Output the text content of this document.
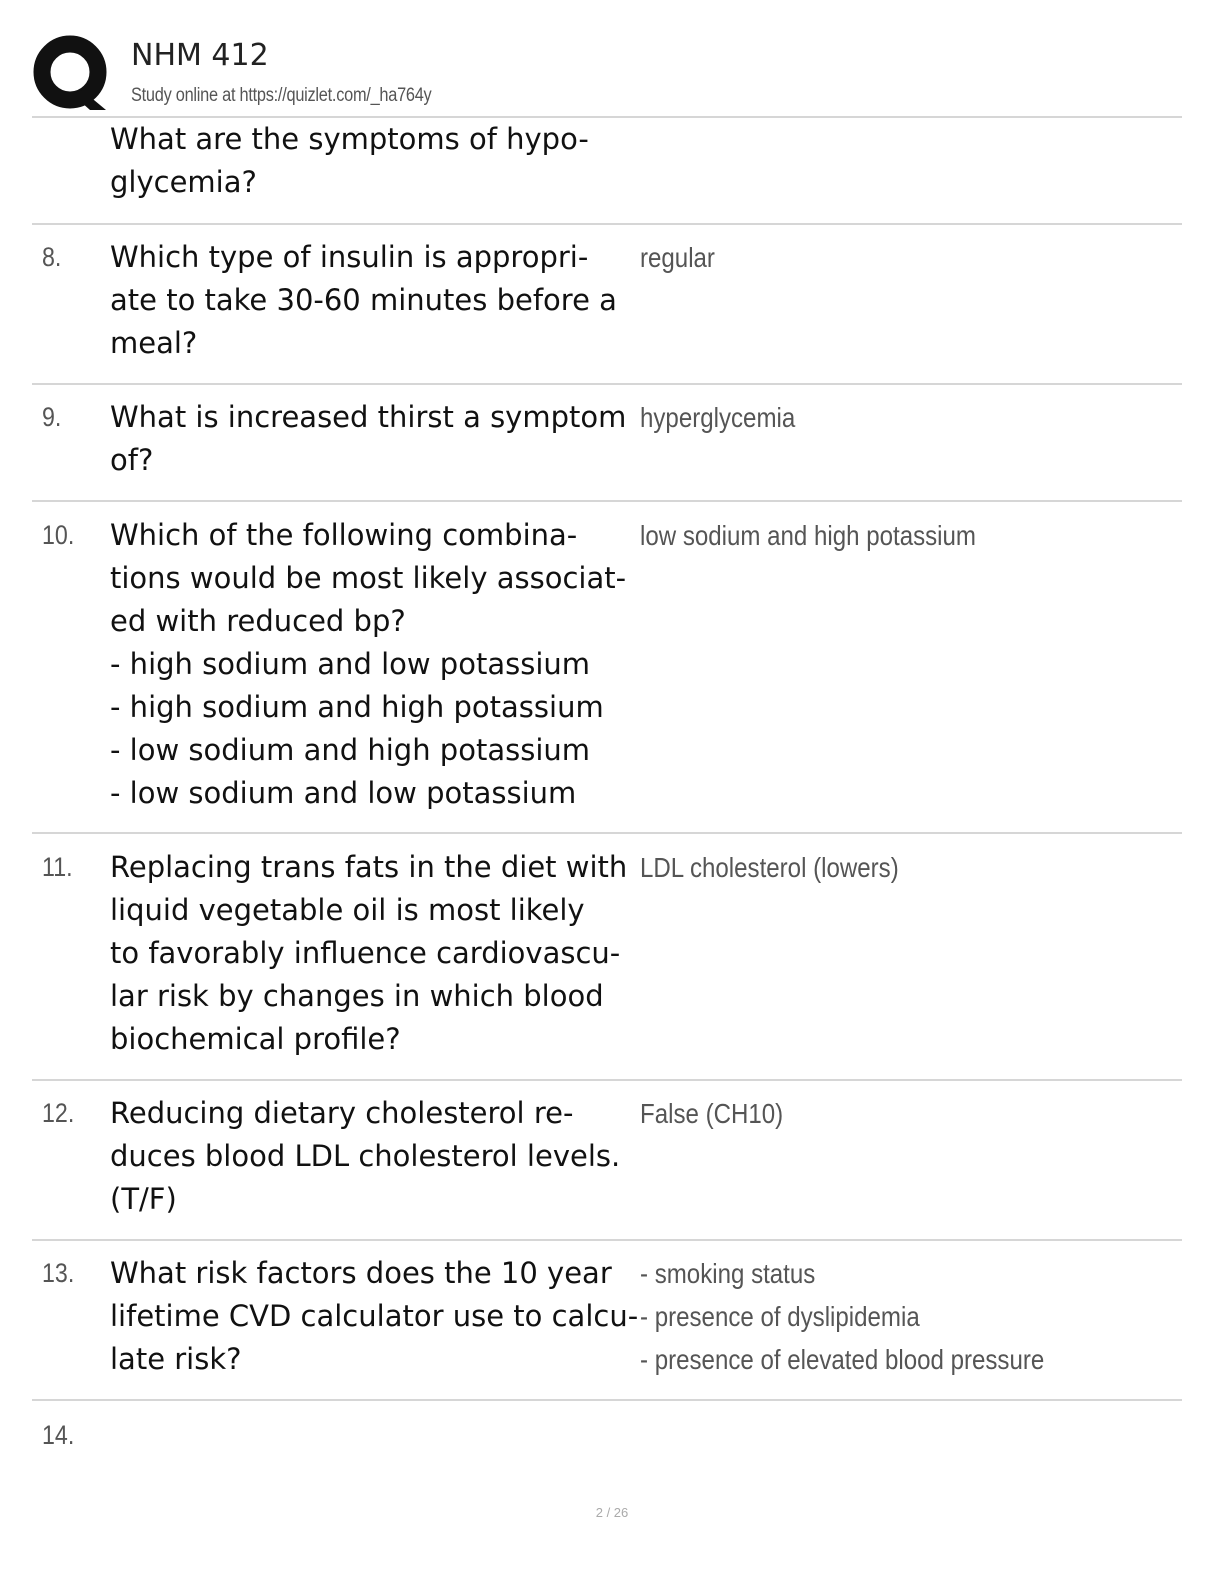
NHM 412
Study online at https://quizlet.com/_ha764y
What are the symptoms of hypo-
glycemia?
8. Which type of insulin is appropri-
ate to take 30-60 minutes before a
meal?
regular
9. What is increased thirst a symptom
of?
hyperglycemia
10. Which of the following combina-
tions would be most likely associat-
ed with reduced bp?
- high sodium and low potassium
- high sodium and high potassium
- low sodium and high potassium
- low sodium and low potassium
low sodium and high potassium
11. Replacing trans fats in the diet with
liquid vegetable oil is most likely
to favorably influence cardiovascu-
lar risk by changes in which blood
biochemical profile?
LDL cholesterol (lowers)
12. Reducing dietary cholesterol re-
duces blood LDL cholesterol levels.
(T/F)
False (CH10)
13. What risk factors does the 10 year
lifetime CVD calculator use to calcu-
late risk?
- smoking status
- presence of dyslipidemia
- presence of elevated blood pressure
14.
2 / 26
